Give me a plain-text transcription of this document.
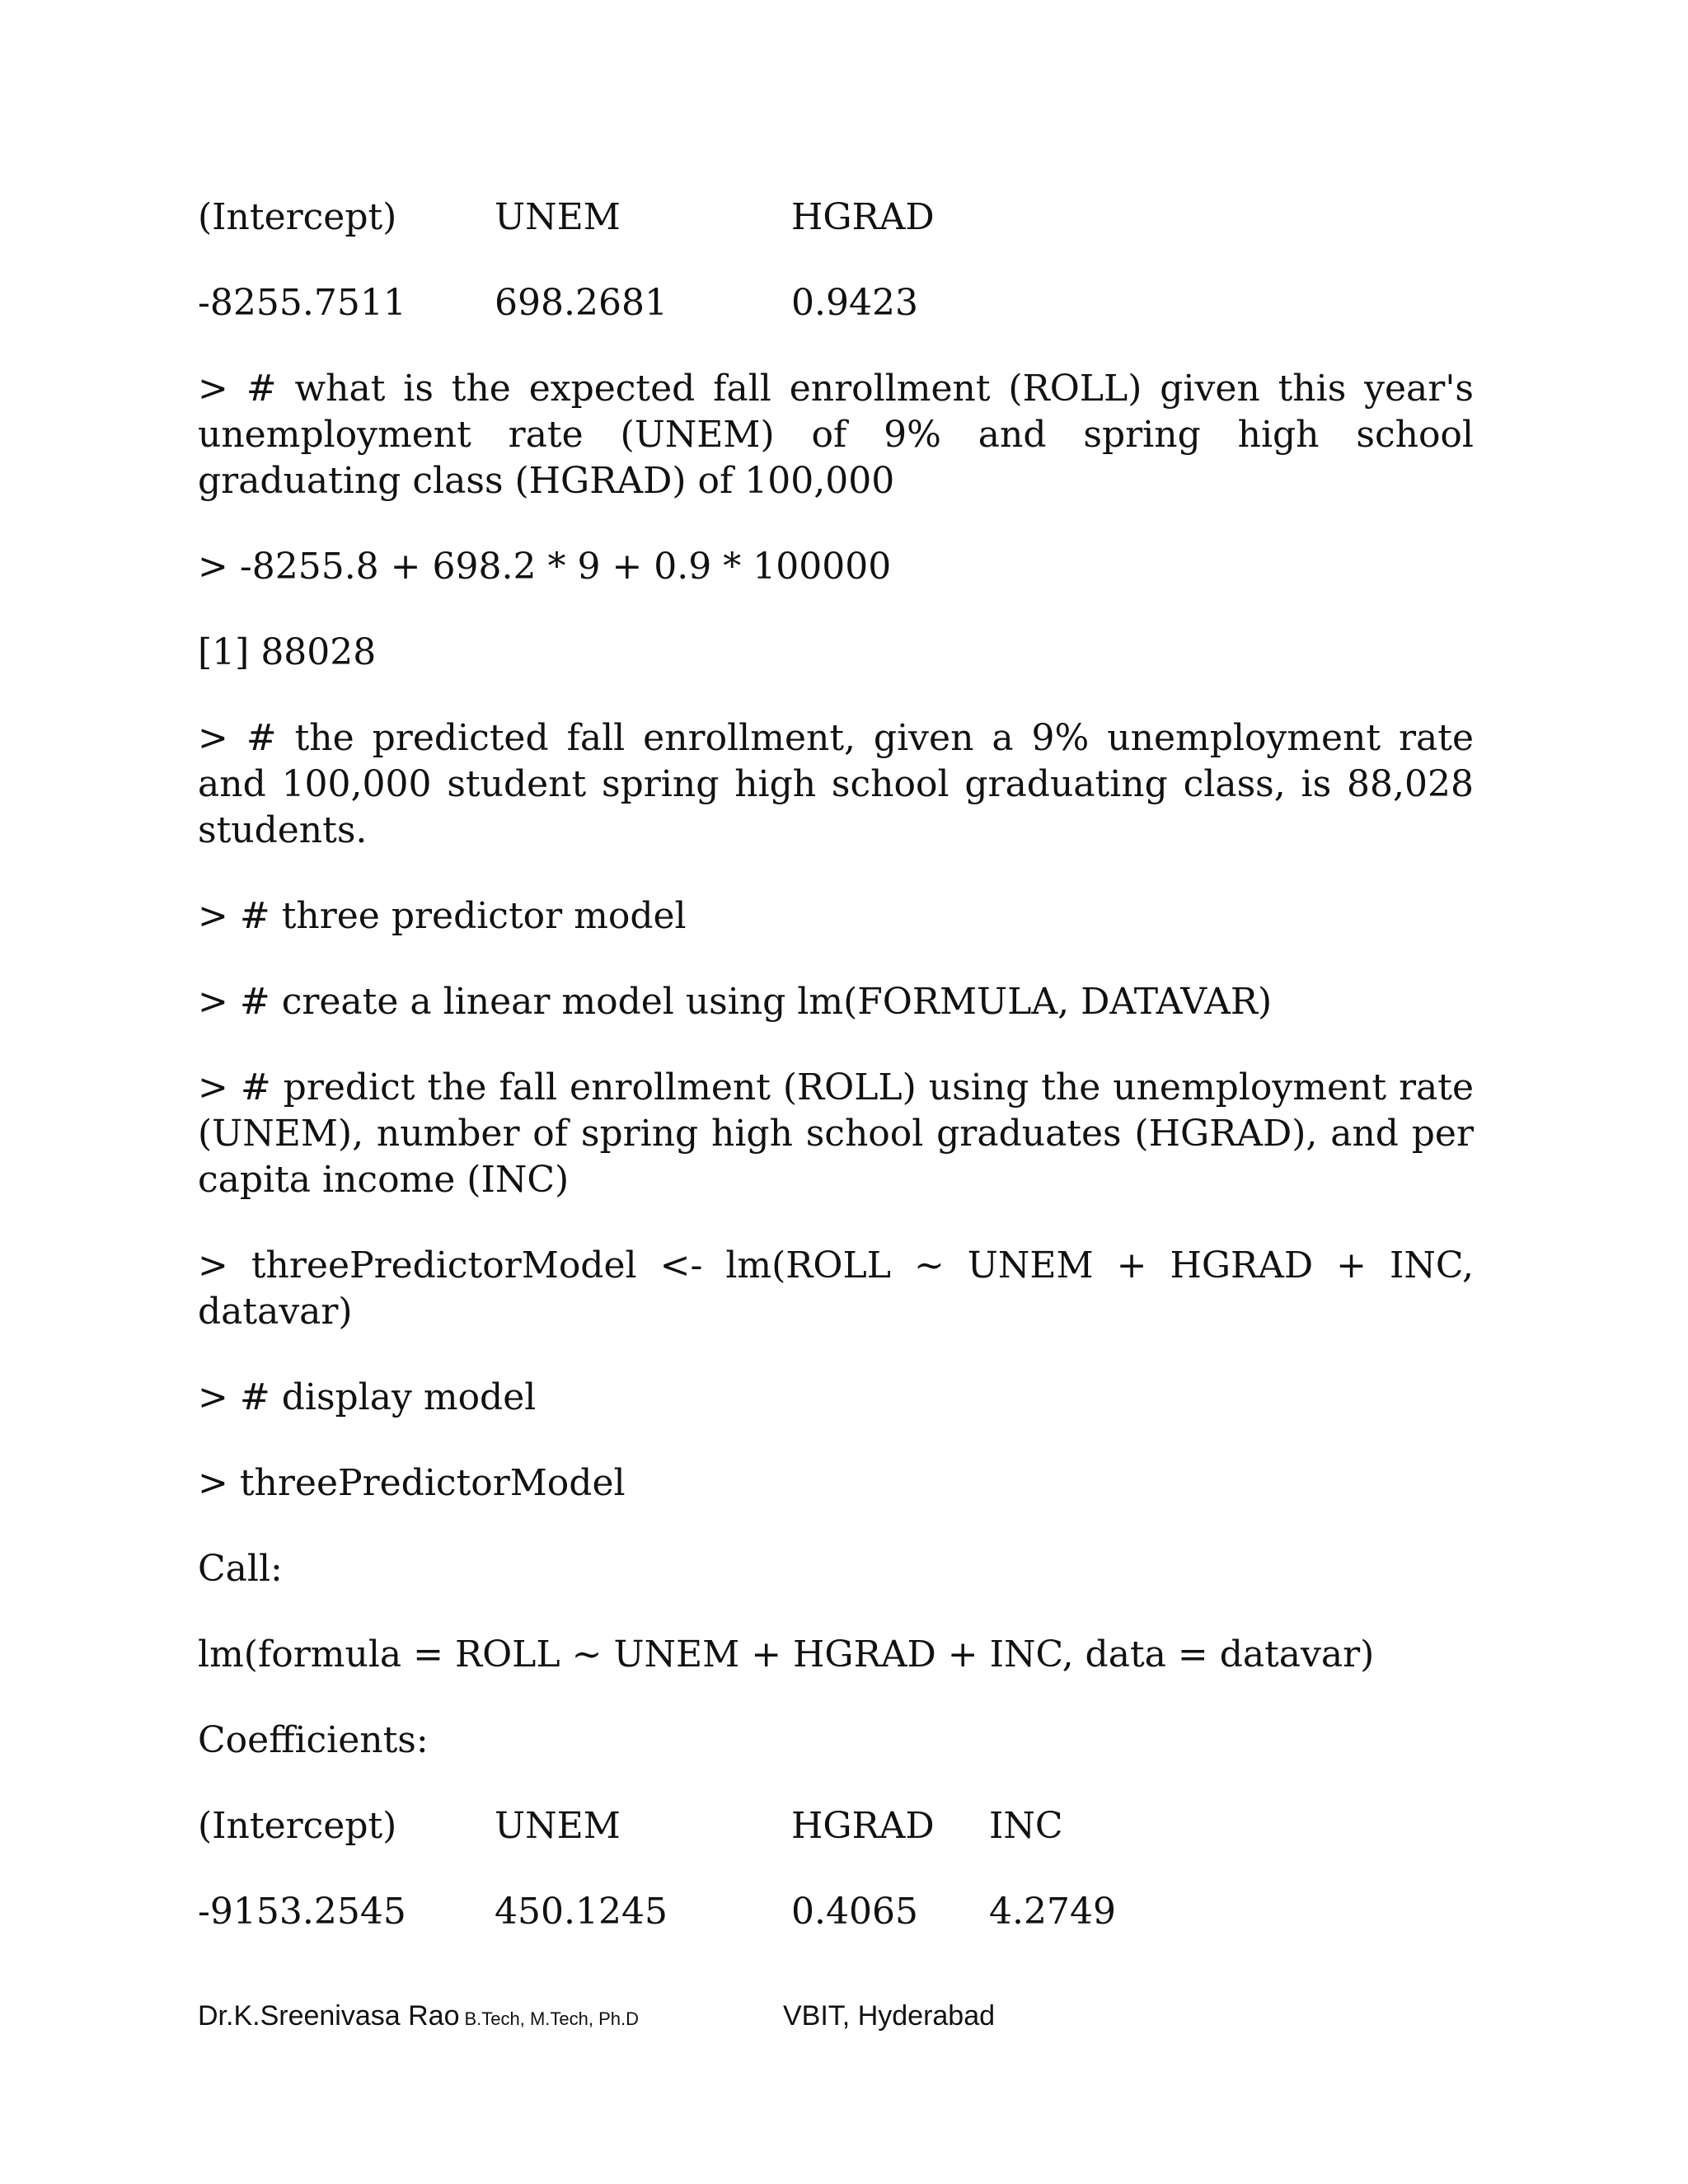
(Intercept)	UNEM	HGRAD
-8255.7511	698.2681	0.9423

> # what is the expected fall enrollment (ROLL) given this year's unemployment rate (UNEM) of 9% and spring high school graduating class (HGRAD) of 100,000

> -8255.8 + 698.2 * 9 + 0.9 * 100000

[1] 88028

> # the predicted fall enrollment, given a 9% unemployment rate and 100,000 student spring high school graduating class, is 88,028 students.

> # three predictor model

> # create a linear model using lm(FORMULA, DATAVAR)

> # predict the fall enrollment (ROLL) using the unemployment rate (UNEM), number of spring high school graduates (HGRAD), and per capita income (INC)

> threePredictorModel <- lm(ROLL ~ UNEM + HGRAD + INC, datavar)

> # display model

> threePredictorModel

Call:

lm(formula = ROLL ~ UNEM + HGRAD + INC, data = datavar)

Coefficients:

(Intercept)	UNEM	HGRAD	INC
-9153.2545	450.1245	0.4065	4.2749
Dr.K.Sreenivasa Rao B.Tech, M.Tech, Ph.D	VBIT, Hyderabad
